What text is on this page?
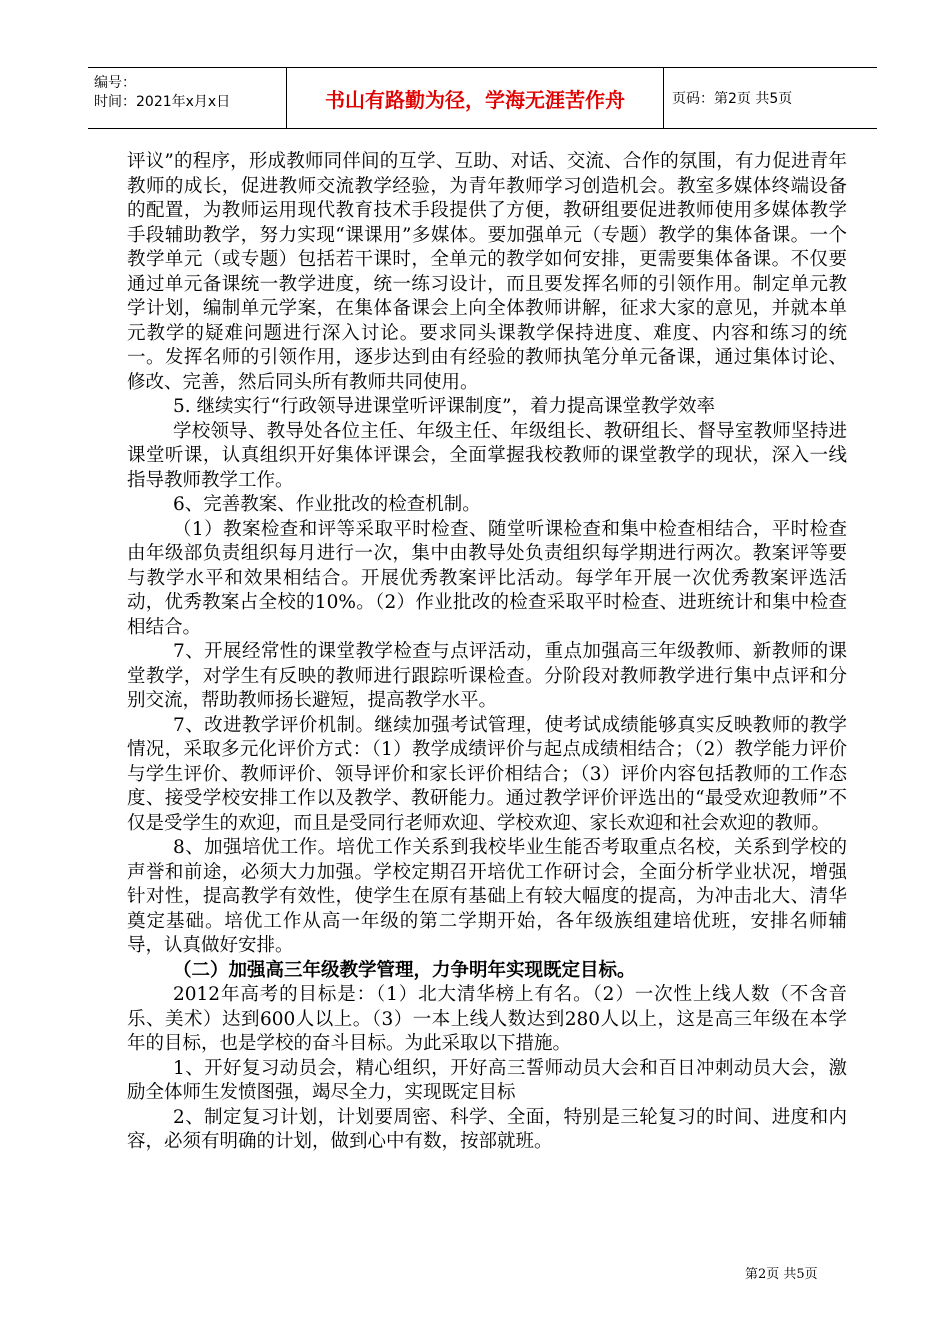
编号：
时间：2021年x月x日	书山有路勤为径，学海无涯苦作舟	页码：第2页 共5页

评议”的程序，形成教师同伴间的互学、互助、对话、交流、合作的氛围，有力促进青年教师的成长，促进教师交流教学经验，为青年教师学习创造机会。教室多媒体终端设备的配置，为教师运用现代教育技术手段提供了方便，教研组要促进教师使用多媒体教学手段辅助教学，努力实现“课课用”多媒体。要加强单元（专题）教学的集体备课。一个教学单元（或专题）包括若干课时，全单元的教学如何安排，更需要集体备课。不仅要通过单元备课统一教学进度，统一练习设计，而且要发挥名师的引领作用。制定单元教学计划，编制单元学案，在集体备课会上向全体教师讲解，征求大家的意见，并就本单元教学的疑难问题进行深入讨论。要求同头课教学保持进度、难度、内容和练习的统一。发挥名师的引领作用，逐步达到由有经验的教师执笔分单元备课，通过集体讨论、修改、完善，然后同头所有教师共同使用。

5. 继续实行“行政领导进课堂听评课制度”，着力提高课堂教学效率

学校领导、教导处各位主任、年级主任、年级组长、教研组长、督导室教师坚持进课堂听课，认真组织开好集体评课会，全面掌握我校教师的课堂教学的现状，深入一线指导教师教学工作。

6、完善教案、作业批改的检查机制。

（1）教案检查和评等采取平时检查、随堂听课检查和集中检查相结合，平时检查由年级部负责组织每月进行一次，集中由教导处负责组织每学期进行两次。教案评等要与教学水平和效果相结合。开展优秀教案评比活动。每学年开展一次优秀教案评选活动，优秀教案占全校的10%。（2）作业批改的检查采取平时检查、进班统计和集中检查相结合。

7、开展经常性的课堂教学检查与点评活动，重点加强高三年级教师、新教师的课堂教学，对学生有反映的教师进行跟踪听课检查。分阶段对教师教学进行集中点评和分别交流，帮助教师扬长避短，提高教学水平。

7、改进教学评价机制。继续加强考试管理，使考试成绩能够真实反映教师的教学情况，采取多元化评价方式：（1）教学成绩评价与起点成绩相结合；（2）教学能力评价与学生评价、教师评价、领导评价和家长评价相结合；（3）评价内容包括教师的工作态度、接受学校安排工作以及教学、教研能力。通过教学评价评选出的“最受欢迎教师”不仅是受学生的欢迎，而且是受同行老师欢迎、学校欢迎、家长欢迎和社会欢迎的教师。

8、加强培优工作。培优工作关系到我校毕业生能否考取重点名校，关系到学校的声誉和前途，必须大力加强。学校定期召开培优工作研讨会，全面分析学业状况，增强针对性，提高教学有效性，使学生在原有基础上有较大幅度的提高，为冲击北大、清华奠定基础。培优工作从高一年级的第二学期开始，各年级族组建培优班，安排名师辅导，认真做好安排。

（二）加强高三年级教学管理，力争明年实现既定目标。

2012年高考的目标是：（1）北大清华榜上有名。（2）一次性上线人数（不含音乐、美术）达到600人以上。（3）一本上线人数达到280人以上，这是高三年级在本学年的目标，也是学校的奋斗目标。为此采取以下措施。

1、开好复习动员会，精心组织，开好高三誓师动员大会和百日冲刺动员大会，激励全体师生发愤图强，竭尽全力，实现既定目标

2、制定复习计划，计划要周密、科学、全面，特别是三轮复习的时间、进度和内容，必须有明确的计划，做到心中有数，按部就班。

第2页 共5页
